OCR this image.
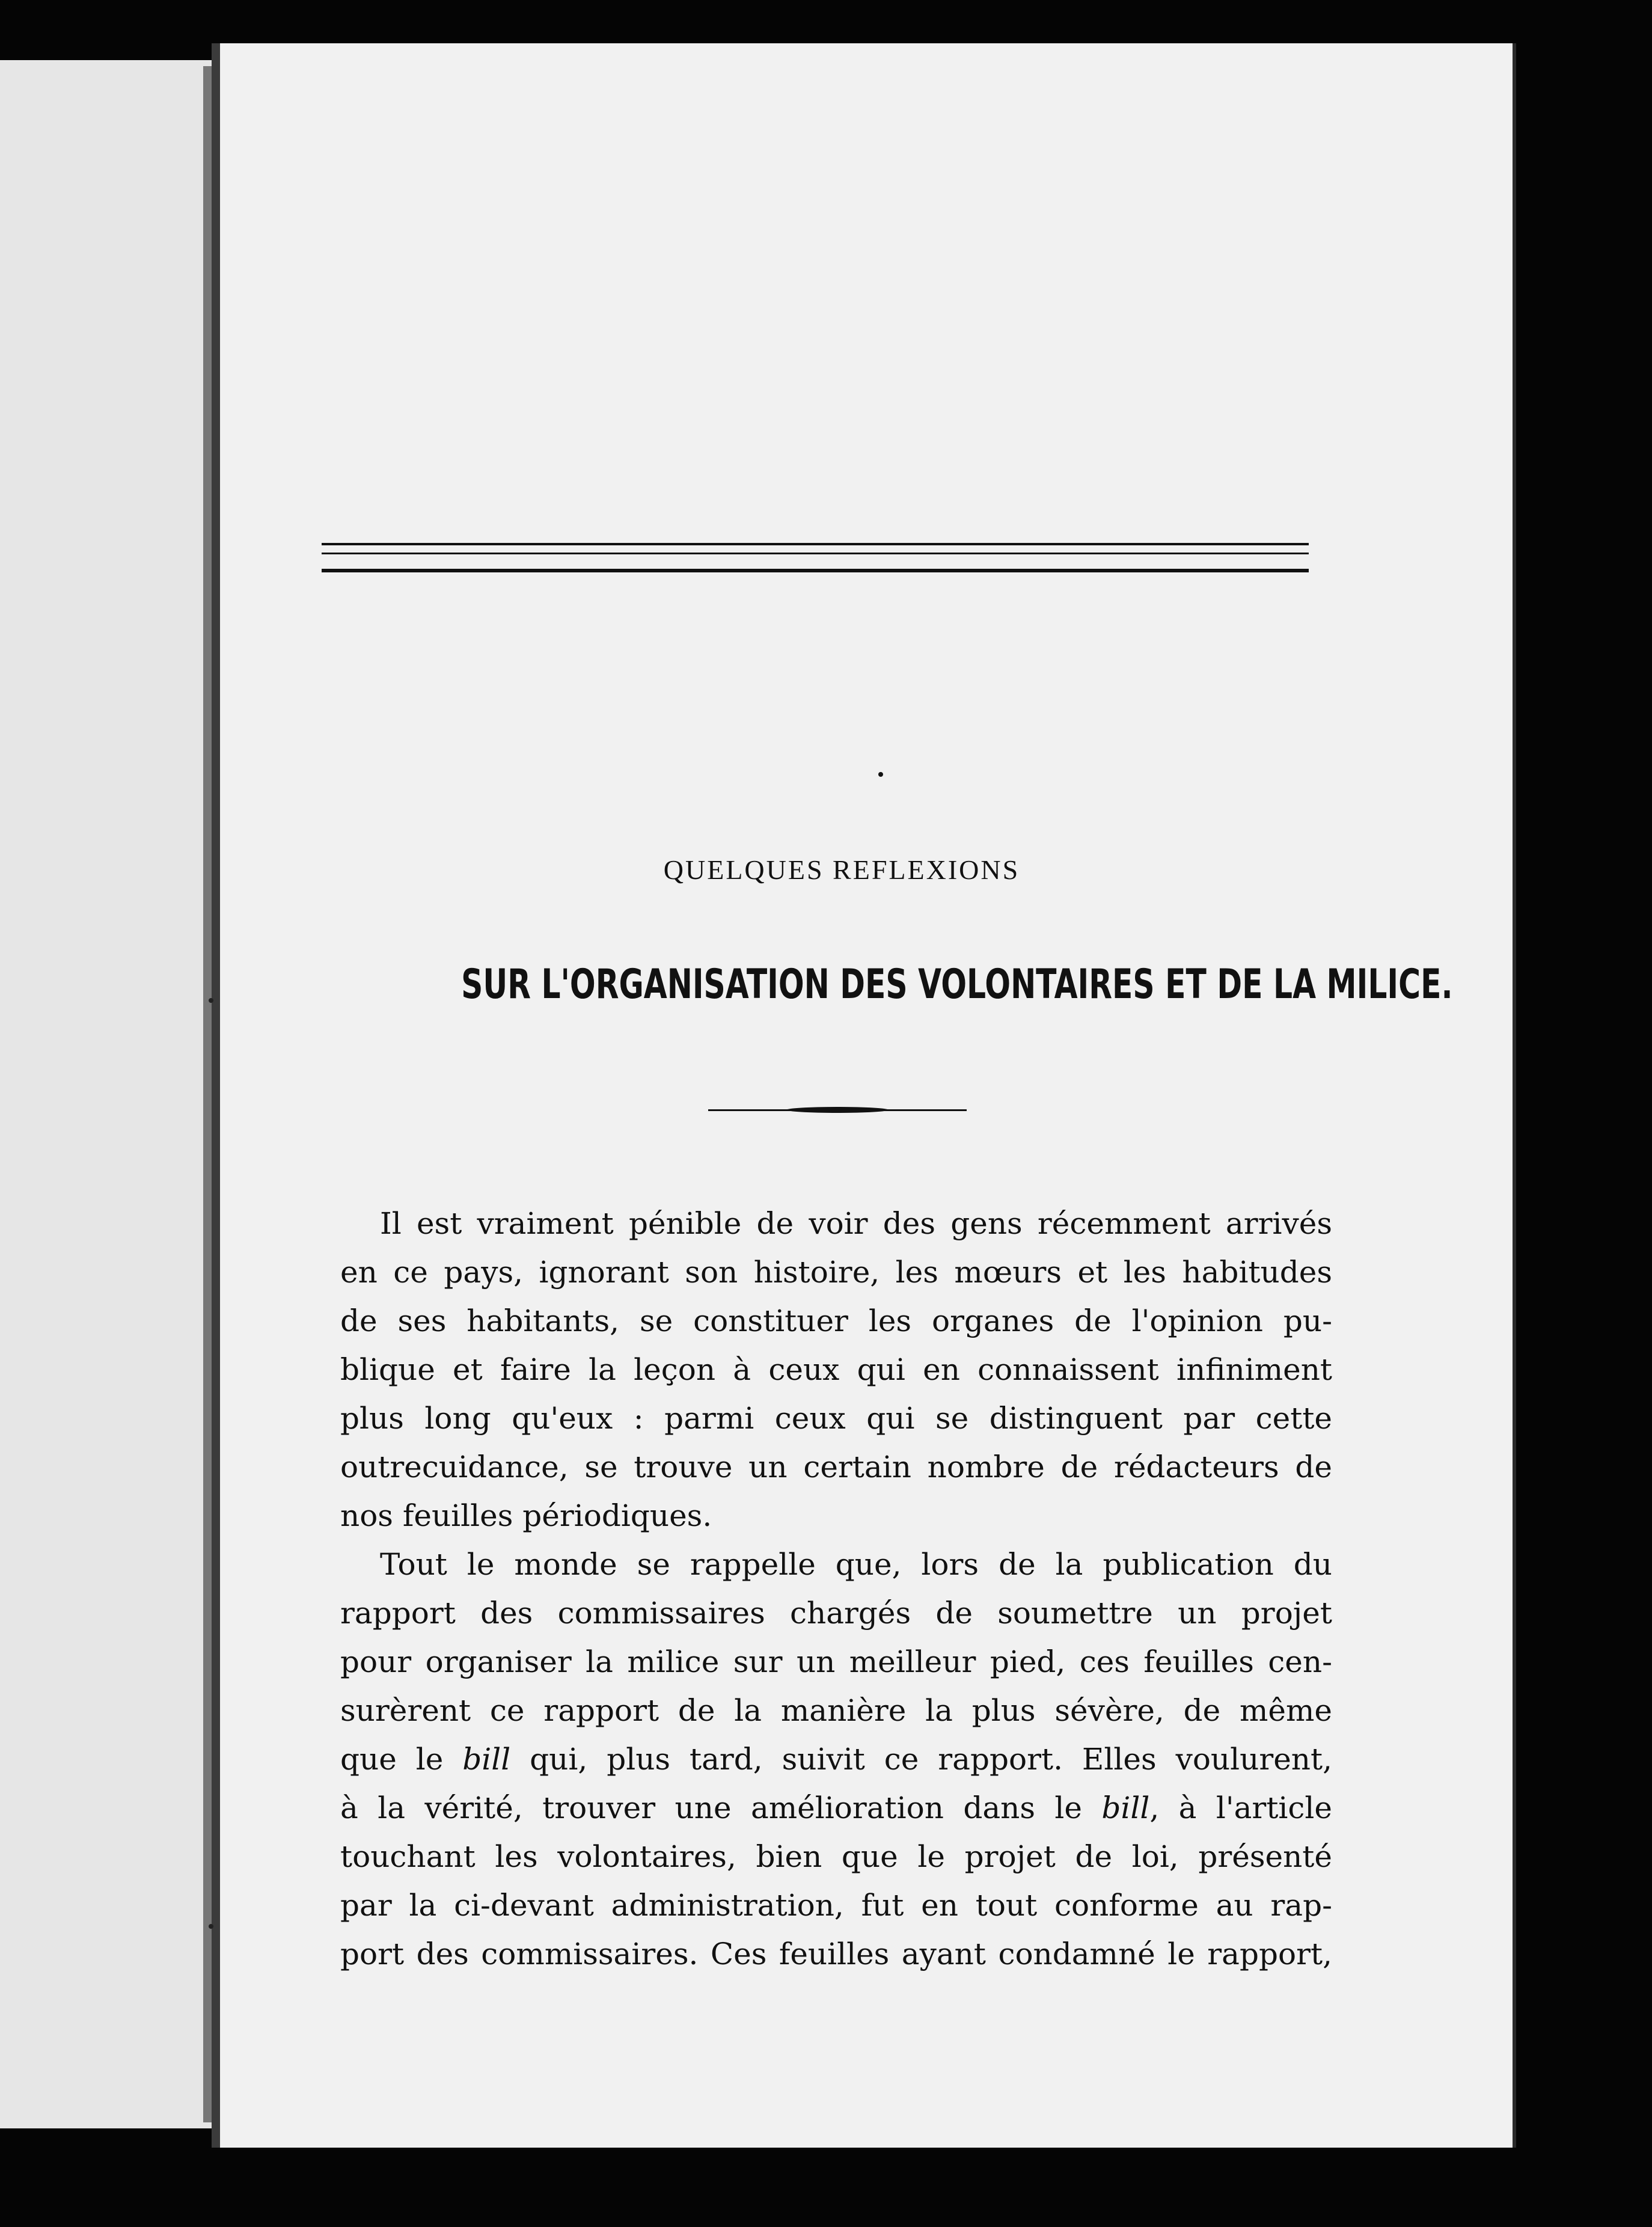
QUELQUES REFLEXIONS
SUR L'ORGANISATION DES VOLONTAIRES ET DE LA MILICE.
Il est vraiment pénible de voir des gens récemment arrivés
en ce pays, ignorant son histoire, les mœurs et les habitudes
de ses habitants, se constituer les organes de l'opinion pu-
blique et faire la leçon à ceux qui en connaissent infiniment
plus long qu'eux : parmi ceux qui se distinguent par cette
outrecuidance, se trouve un certain nombre de rédacteurs de
nos feuilles périodiques.
Tout le monde se rappelle que, lors de la publication du
rapport des commissaires chargés de soumettre un projet
pour organiser la milice sur un meilleur pied, ces feuilles cen-
surèrent ce rapport de la manière la plus sévère, de même
que le bill qui, plus tard, suivit ce rapport. Elles voulurent,
à la vérité, trouver une amélioration dans le bill, à l'article
touchant les volontaires, bien que le projet de loi, présenté
par la ci-devant administration, fut en tout conforme au rap-
port des commissaires. Ces feuilles ayant condamné le rapport,
